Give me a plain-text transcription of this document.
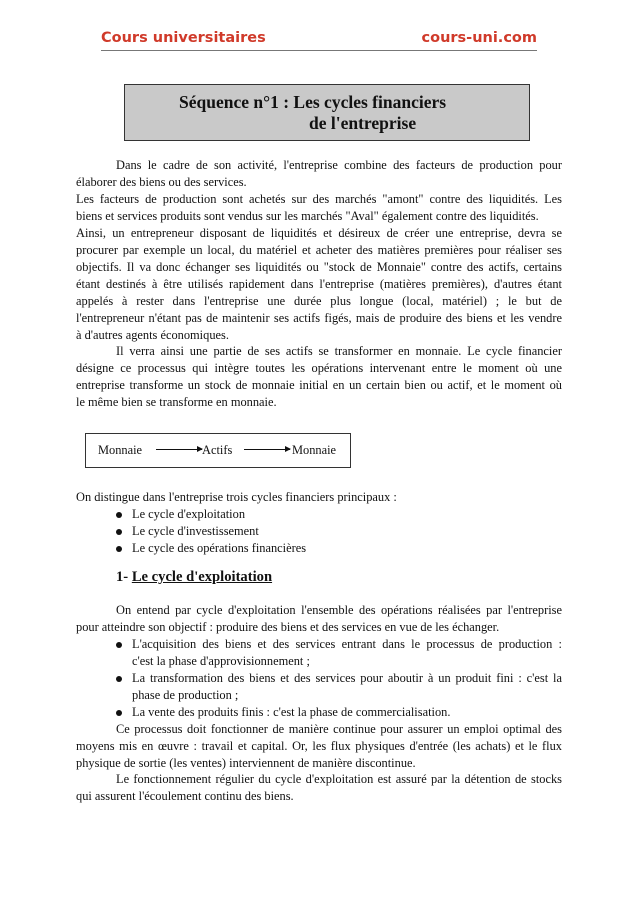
Cours universitaires	cours-uni.com
Séquence n°1 : Les cycles financiers
de l'entreprise
Dans le cadre de son activité, l'entreprise combine des facteurs de production pour
élaborer des biens ou des services.
Les facteurs de production sont achetés sur des marchés "amont" contre des liquidités. Les
biens et services produits sont vendus sur les marchés "Aval" également contre des liquidités.
Ainsi, un entrepreneur disposant de liquidités et désireux de créer une entreprise, devra se
procurer par exemple un local, du matériel et acheter des matières premières pour réaliser ses
objectifs. Il va donc échanger ses liquidités ou "stock de Monnaie" contre des actifs, certains
étant destinés à être utilisés rapidement dans l'entreprise (matières premières), d'autres étant
appelés à rester dans l'entreprise une durée plus longue (local, matériel) ; le but de
l'entrepreneur n'étant pas de maintenir ses actifs figés, mais de produire des biens et les vendre
à d'autres agents économiques.
Il verra ainsi une partie de ses actifs se transformer en monnaie. Le cycle financier
désigne ce processus qui intègre toutes les opérations intervenant entre le moment où une
entreprise transforme un stock de monnaie initial en un certain bien ou actif, et le moment où
le même bien se transforme en monnaie.
Monnaie	Actifs	Monnaie
On distingue dans l'entreprise trois cycles financiers principaux :
Le cycle d'exploitation
Le cycle d'investissement
Le cycle des opérations financières
1- Le cycle d'exploitation
On entend par cycle d'exploitation l'ensemble des opérations réalisées par l'entreprise
pour atteindre son objectif : produire des biens et des services en vue de les échanger.
L'acquisition des biens et des services entrant dans le processus de production :
c'est la phase d'approvisionnement ;
La transformation des biens et des services pour aboutir à un produit fini : c'est la
phase de production ;
La vente des produits finis : c'est la phase de commercialisation.
Ce processus doit fonctionner de manière continue pour assurer un emploi optimal des
moyens mis en œuvre : travail et capital. Or, les flux physiques d'entrée (les achats) et le flux
physique de sortie (les ventes) interviennent de manière discontinue.
Le fonctionnement régulier du cycle d'exploitation est assuré par la détention de stocks
qui assurent l'écoulement continu des biens.
